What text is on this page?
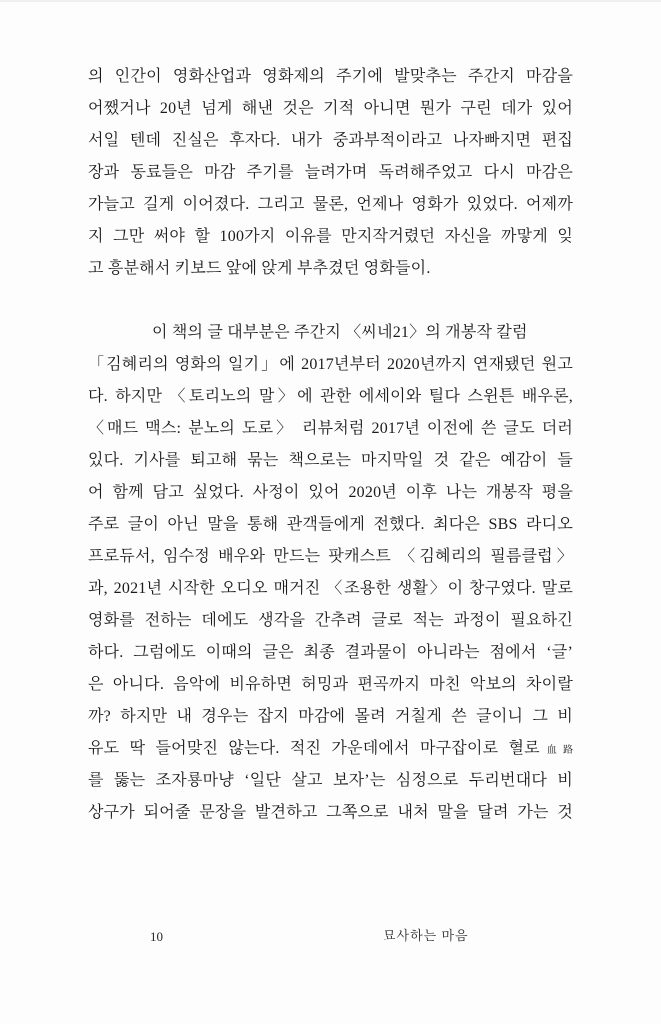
의 인간이 영화산업과 영화제의 주기에 발맞추는 주간지 마감을
어쨌거나 20년 넘게 해낸 것은 기적 아니면 뭔가 구린 데가 있어
서일 텐데 진실은 후자다. 내가 중과부적이라고 나자빠지면 편집
장과 동료들은 마감 주기를 늘려가며 독려해주었고 다시 마감은
가늘고 길게 이어졌다. 그리고 물론, 언제나 영화가 있었다. 어제까
지 그만 써야 할 100가지 이유를 만지작거렸던 자신을 까맣게 잊
고 흥분해서 키보드 앞에 앉게 부추겼던 영화들이.
이 책의 글 대부분은 주간지 〈씨네21〉의 개봉작 칼럼
「김혜리의 영화의 일기」에 2017년부터 2020년까지 연재됐던 원고
다. 하지만 〈토리노의 말〉에 관한 에세이와 틸다 스윈튼 배우론,
〈매드 맥스: 분노의 도로〉 리뷰처럼 2017년 이전에 쓴 글도 더러
있다. 기사를 퇴고해 묶는 책으로는 마지막일 것 같은 예감이 들
어 함께 담고 싶었다. 사정이 있어 2020년 이후 나는 개봉작 평을
주로 글이 아닌 말을 통해 관객들에게 전했다. 최다은 SBS 라디오
프로듀서, 임수정 배우와 만드는 팟캐스트 〈김혜리의 필름클럽〉
과, 2021년 시작한 오디오 매거진 〈조용한 생활〉이 창구였다. 말로
영화를 전하는 데에도 생각을 간추려 글로 적는 과정이 필요하긴
하다. 그럼에도 이때의 글은 최종 결과물이 아니라는 점에서 ‘글’
은 아니다. 음악에 비유하면 허밍과 편곡까지 마친 악보의 차이랄
까? 하지만 내 경우는 잡지 마감에 몰려 거칠게 쓴 글이니 그 비
유도 딱 들어맞진 않는다. 적진 가운데에서 마구잡이로 혈로血路
를 뚫는 조자룡마냥 ‘일단 살고 보자’는 심정으로 두리번대다 비
상구가 되어줄 문장을 발견하고 그쪽으로 내처 말을 달려 가는 것
10	묘사하는 마음
